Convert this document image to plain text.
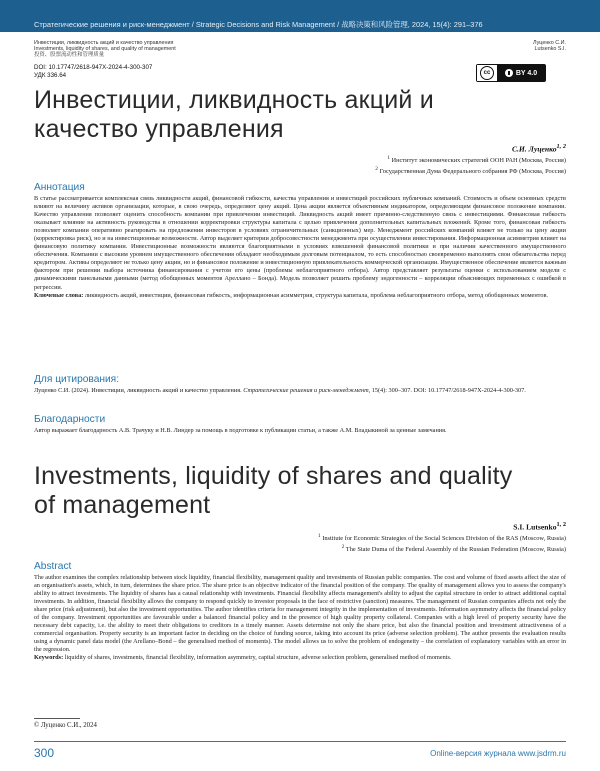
Стратегические решения и риск-менеджмент / Strategic Decisions and Risk Management / 战略决策和风险管理, 2024, 15(4): 291–376
Инвестиции, ликвидность акций и качество управления
Investments, liquidity of shares, and quality of management
投资、股票流动性和管理质量
Луценко С.И.
Lutsenko S.I.
DOI: 10.17747/2618-947X-2024-4-300-307
УДК 336.64	cc	BY 4.0
Инвестиции, ликвидность акций и качество управления
С.И. Луценко1, 2
1 Институт экономических стратегий ООН РАН (Москва, Россия)
2 Государственная Дума Федерального собрания РФ (Москва, Россия)
Аннотация
В статье рассматривается комплексная связь ликвидности акций, финансовой гибкости, качества управления и инвестиций российских публичных компаний. Стоимость и объем основных средств влияют на величину активов организации, которые, в свою очередь, определяют цену акций. Цена акции является объективным индикатором, определяющим финансовое положение компании. Качество управления позволяет оценить способность компании при привлечении инвестиций. Ликвидность акций имеет причинно-следственную связь с инвестициями. Финансовая гибкость оказывает влияние на активность руководства в отношении корректировки структуры капитала с целью привлечения дополнительных капитальных вложений. Кроме того, финансовая гибкость позволяет компании оперативно реагировать на предложения инвесторов в условиях ограничительных (санкционных) мер. Менеджмент российских компаний влияет не только на цену акции (корректировка риск), но и на инвестиционные возможности. Автор выделяет критерии добросовестности менеджмента при осуществлении инвестирования. Информационная асимметрия влияет на финансовую политику компании. Инвестиционные возможности являются благоприятными в условиях взвешенной финансовой политики и при наличии качественного имущественного обеспечения. Компании с высоким уровнем имущественного обеспечения обладают необходимым долговым потенциалом, то есть способностью своевременно выполнять свои обязательства перед кредитором. Активы определяют не только цену акции, но и финансовое положение и инвестиционную привлекательность коммерческой организации. Имущественное обеспечение является важным фактором при решении выбора источника финансирования с учетом его цены (проблемы неблагоприятного отбора). Автор представляет результаты оценки с использованием модели с динамическими панельными данными (метод обобщенных моментов Ареллано – Бонда). Модель позволяет решить проблему эндогенности – корреляции объясняющих переменных с ошибкой в регрессии.
Ключевые слова: ликвидность акций, инвестиции, финансовая гибкость, информационная асимметрия, структура капитала, проблема неблагоприятного отбора, метод обобщенных моментов.
Для цитирования:
Луценко С.И. (2024). Инвестиции, ликвидность акций и качество управления. Стратегические решения и риск-менеджмент, 15(4): 300–307. DOI: 10.17747/2618-947X-2024-4-300-307.
Благодарности
Автор выражает благодарность А.В. Трачуку и Н.В. Линдер за помощь в подготовке к публикации статьи, а также А.М. Владыкиной за ценные замечания.
Investments, liquidity of shares and quality of management
S.I. Lutsenko1, 2
1 Institute for Economic Strategies of the Social Sciences Division of the RAS (Moscow, Russia)
2 The State Duma of the Federal Assembly of the Russian Federation (Moscow, Russia)
Abstract
The author examines the complex relationship between stock liquidity, financial flexibility, management quality and investments of Russian public companies. The cost and volume of fixed assets affect the size of an organisation's assets, which, in turn, determines the share price. The share price is an objective indicator of the financial position of the company. The quality of management allows you to assess the company's ability to attract investments. The liquidity of shares has a causal relationship with investments. Financial flexibility affects management's ability to adjust the capital structure in order to attract additional capital investments. In addition, financial flexibility allows the company to respond quickly to investor proposals in the face of restrictive (sanction) measures. The management of Russian companies affects not only the share price (risk adjustment), but also the investment opportunities. The author identifies criteria for management integrity in the implementation of investments. Information asymmetry affects the financial policy of the company. Investment opportunities are favourable under a balanced financial policy and in the presence of high quality property collateral. Companies with a high level of property security have the necessary debt capacity, i.e. the ability to meet their obligations to creditors in a timely manner. Assets determine not only the share price, but also the financial position and investment attractiveness of a commercial organisation. Property security is an important factor in deciding on the choice of funding source, taking into account its price (adverse selection problem). The author presents the evaluation results using a dynamic panel data model (the Arellano–Bond – the generalised method of moments). The model allows us to solve the problem of endogeneity – the correlation of explanatory variables with an error in the regression.
Keywords: liquidity of shares, investments, financial flexibility, information asymmetry, capital structure, adverse selection problem, generalised method of moments.
© Луценко С.И., 2024
300	Online-версия журнала www.jsdrm.ru
